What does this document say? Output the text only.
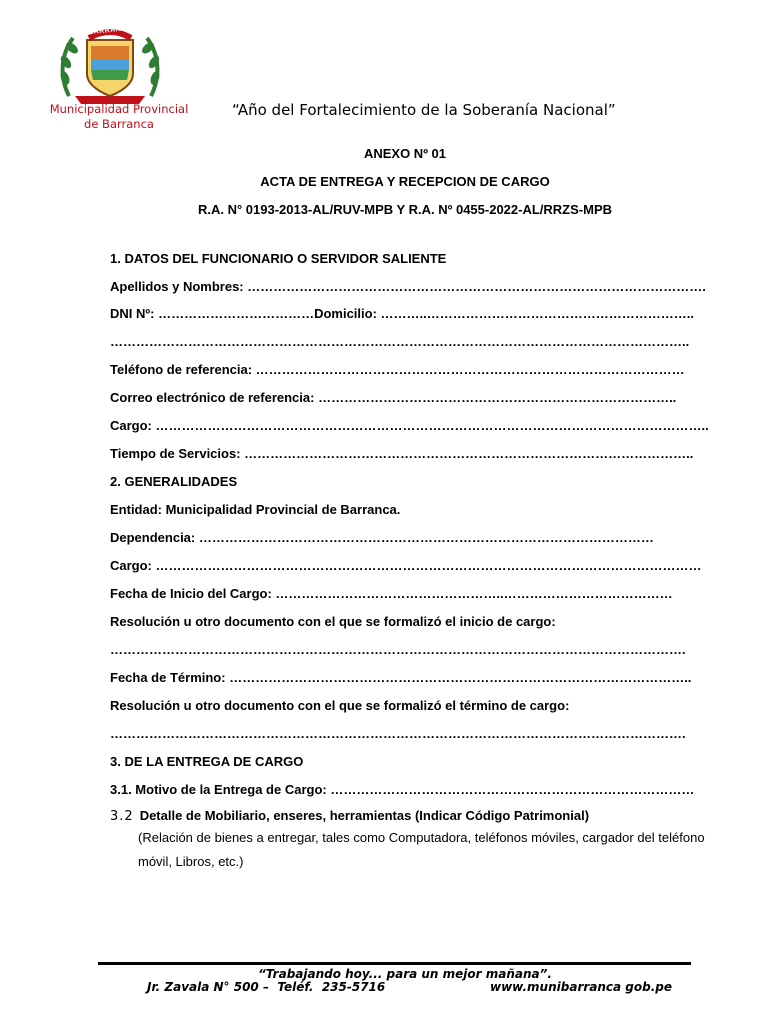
BARRANCA
Municipalidad Provincial de Barranca
“Año del Fortalecimiento de la Soberanía Nacional”
ANEXO Nº 01
ACTA DE ENTREGA Y RECEPCION DE CARGO
R.A. N° 0193-2013-AL/RUV-MPB Y R.A. Nº 0455-2022-AL/RRZS-MPB
1. DATOS DEL FUNCIONARIO O SERVIDOR SALIENTE
Apellidos y Nombres: …………………………………………………………………………………………….
DNI Nº: ………………………………Domicilio: ………..……………………………………………………..
……………………………………………………………………………………………………………………..
Teléfono de referencia: ………………………………………………………………………………………
Correo electrónico de referencia: ………………………………………………………………………..
Cargo: ………………………………………………………………………………………………………………..
Tiempo de Servicios: …………………………………………………………………………………………..
2. GENERALIDADES
Entidad: Municipalidad Provincial de Barranca.
Dependencia: ……………………………………………………………………………………………
Cargo: ………………………………………………………………………………………………………………
Fecha de Inicio del Cargo: ……………………………………………..…………………………………
Resolución u otro documento con el que se formalizó el inicio de cargo:
…………………………………………………………………………………………………………………….
Fecha de Término: ……………………………………………………………………………………………..
Resolución u otro documento con el que se formalizó el término de cargo:
…………………………………………………………………………………………………………………….
3. DE LA ENTREGA DE CARGO
3.1. Motivo de la Entrega de Cargo: …………………………………………………………………………
3.2 Detalle de Mobiliario, enseres, herramientas (Indicar Código Patrimonial)
(Relación de bienes a entregar, tales como Computadora, teléfonos móviles, cargador del teléfono móvil, Libros, etc.)
“Trabajando hoy... para un mejor mañana”.
Jr. Zavala N° 500 –  Teléf.  235-5716	www.munibarranca gob.pe
